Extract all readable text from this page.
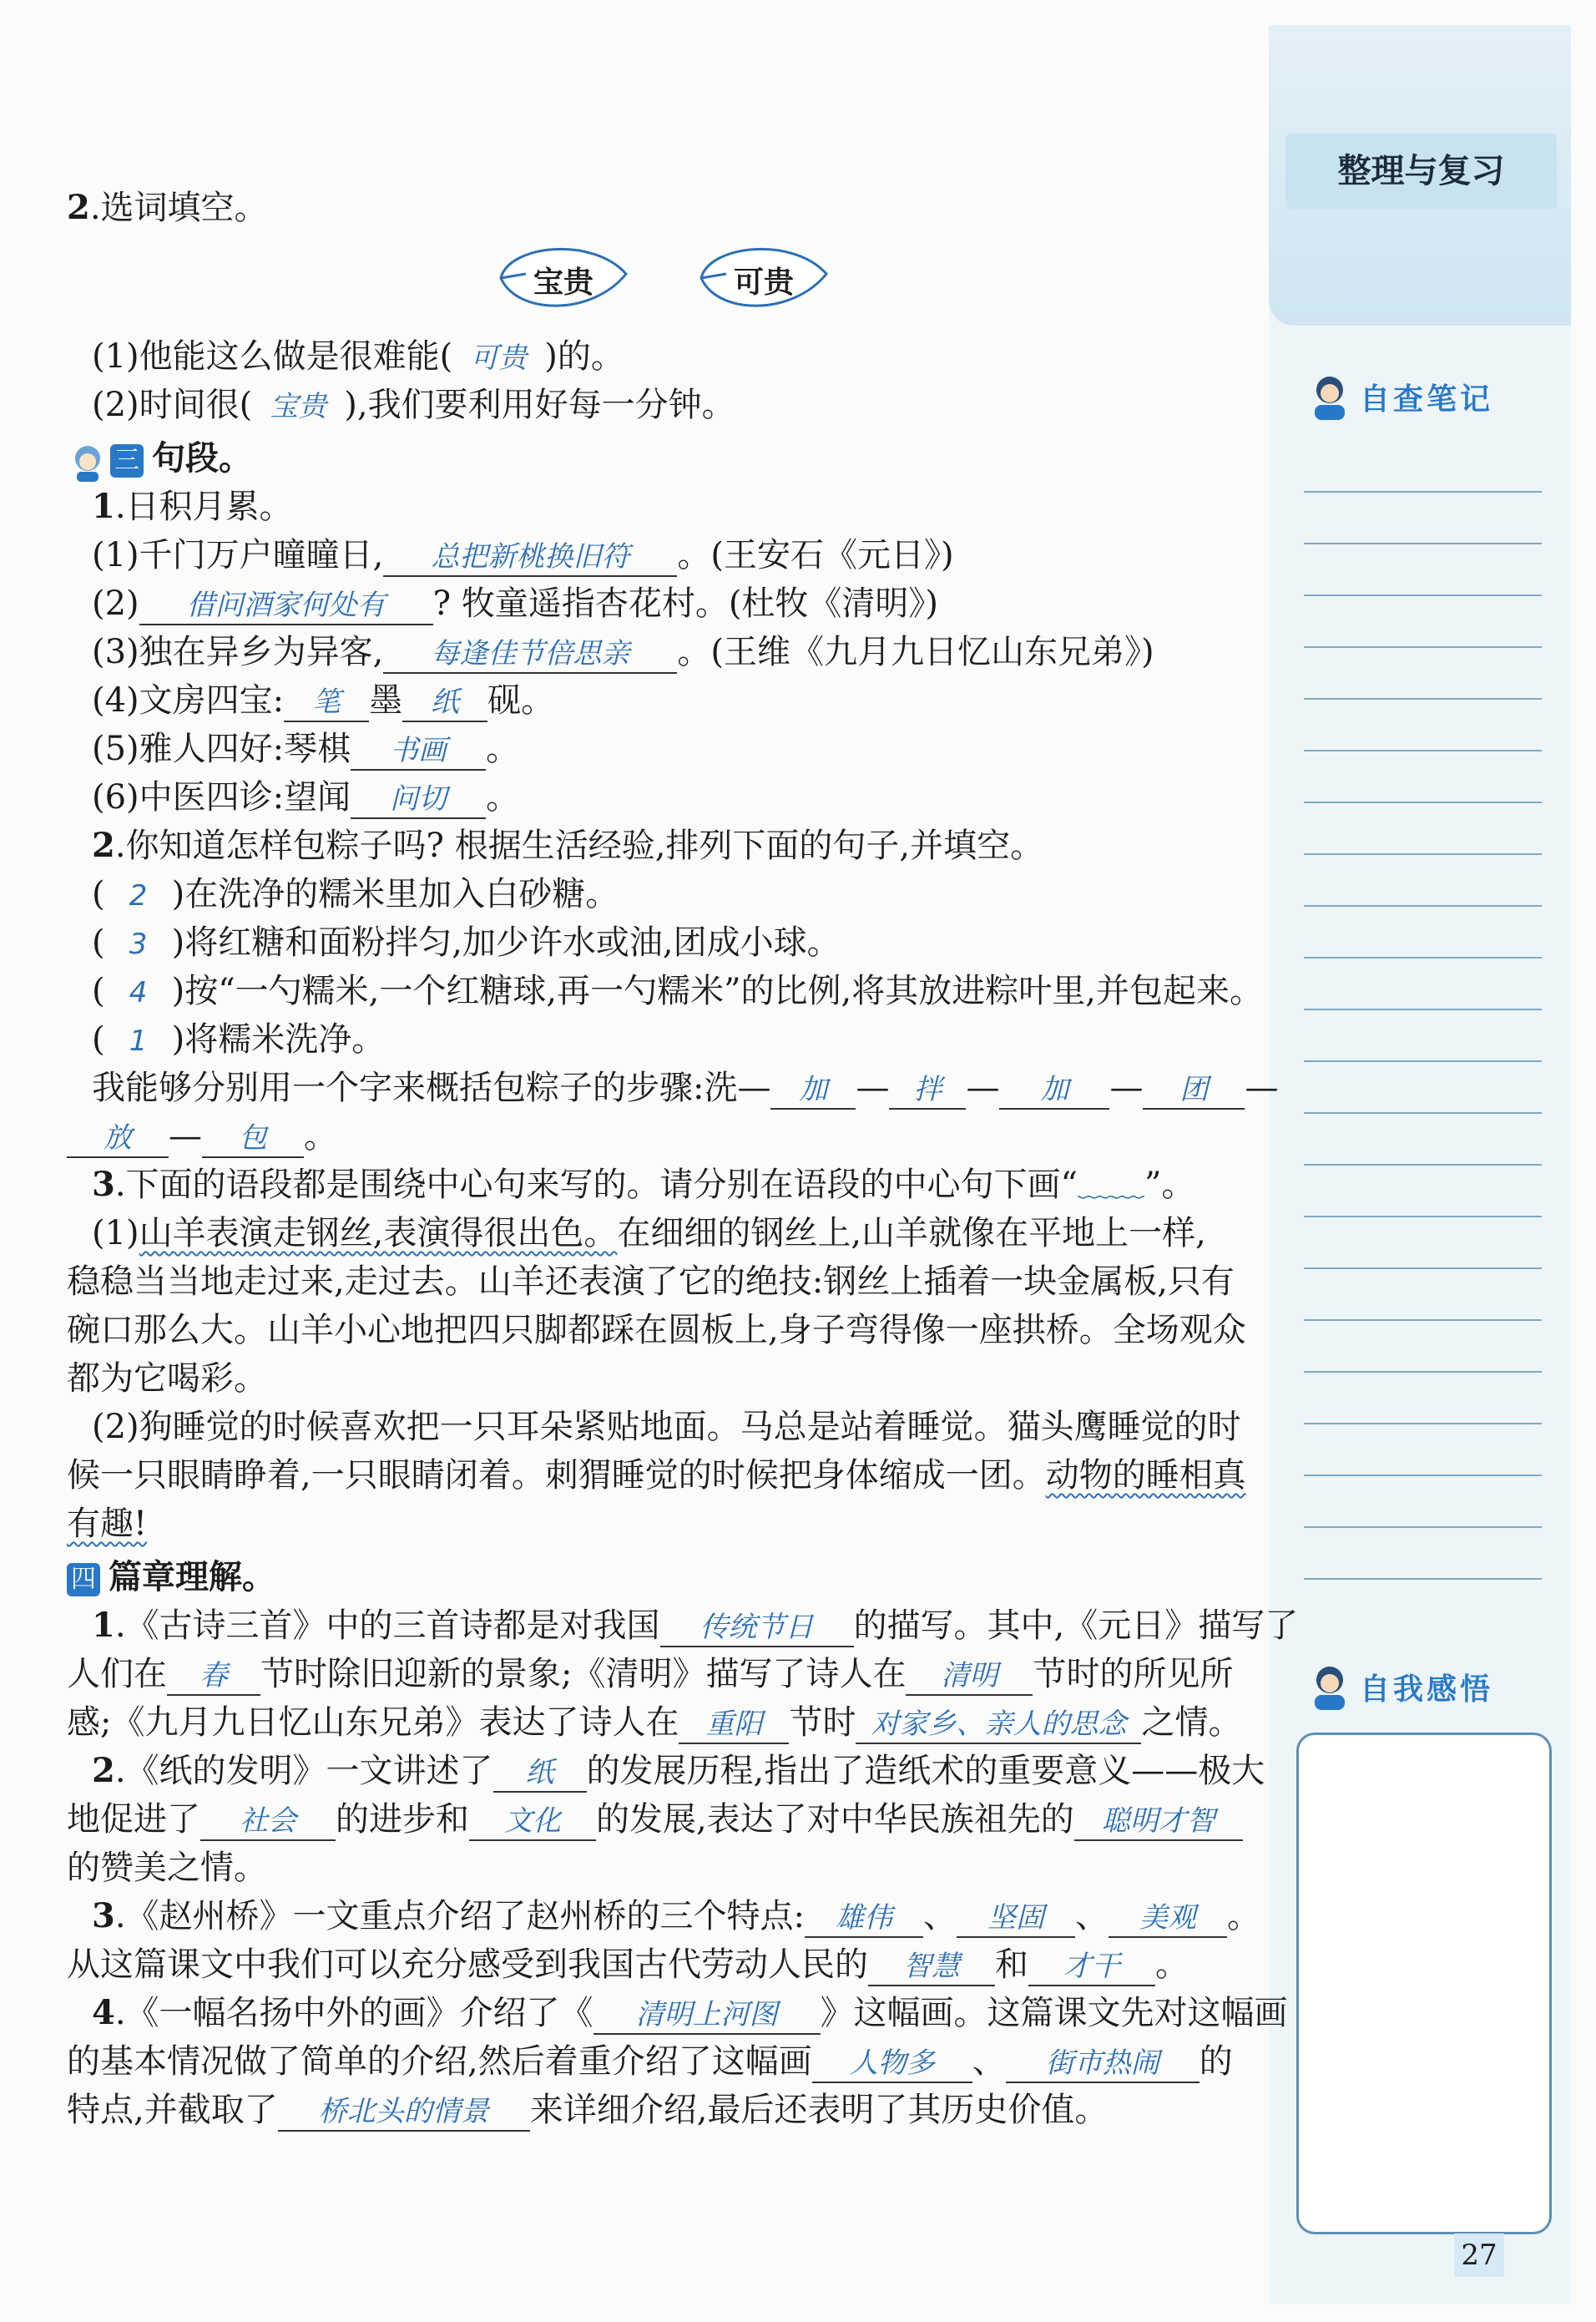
整理与复习
自查笔记
自我感悟
27
2.选词填空。
宝贵	可贵
(1)他能这么做是很难能( 可贵 )的。
(2)时间很( 宝贵 ),我们要利用好每一分钟。
三 句段。
1.日积月累。
(1)千门万户曈曈日, 总把新桃换旧符 。(王安石《元日》)
(2) 借问酒家何处有 ? 牧童遥指杏花村。(杜牧《清明》)
(3)独在异乡为异客, 每逢佳节倍思亲 。(王维《九月九日忆山东兄弟》)
(4)文房四宝: 笔 墨 纸 砚。
(5)雅人四好:琴棋 书画 。
(6)中医四诊:望闻 问切 。
2.你知道怎样包粽子吗? 根据生活经验,排列下面的句子,并填空。
( 2 )在洗净的糯米里加入白砂糖。
( 3 )将红糖和面粉拌匀,加少许水或油,团成小球。
( 4 )按“一勺糯米,一个红糖球,再一勺糯米”的比例,将其放进粽叶里,并包起来。
( 1 )将糯米洗净。
我能够分别用一个字来概括包粽子的步骤:洗— 加 — 拌 — 加 — 团 —
放 — 包 。
3.下面的语段都是围绕中心句来写的。请分别在语段的中心句下画“﹏﹏”。
(1)山羊表演走钢丝,表演得很出色。在细细的钢丝上,山羊就像在平地上一样,
稳稳当当地走过来,走过去。山羊还表演了它的绝技:钢丝上插着一块金属板,只有
碗口那么大。山羊小心地把四只脚都踩在圆板上,身子弯得像一座拱桥。全场观众
都为它喝彩。
(2)狗睡觉的时候喜欢把一只耳朵紧贴地面。马总是站着睡觉。猫头鹰睡觉的时
候一只眼睛睁着,一只眼睛闭着。刺猬睡觉的时候把身体缩成一团。动物的睡相真
有趣!
四 篇章理解。
1.《古诗三首》中的三首诗都是对我国 传统节日 的描写。其中,《元日》描写了
人们在 春 节时除旧迎新的景象;《清明》描写了诗人在 清明 节时的所见所
感;《九月九日忆山东兄弟》表达了诗人在 重阳 节时 对家乡、亲人的思念 之情。
2.《纸的发明》一文讲述了 纸 的发展历程,指出了造纸术的重要意义——极大
地促进了 社会 的进步和 文化 的发展,表达了对中华民族祖先的 聪明才智
的赞美之情。
3.《赵州桥》一文重点介绍了赵州桥的三个特点: 雄伟 、 坚固 、 美观 。
从这篇课文中我们可以充分感受到我国古代劳动人民的 智慧 和 才干 。
4.《一幅名扬中外的画》介绍了《 清明上河图 》这幅画。这篇课文先对这幅画
的基本情况做了简单的介绍,然后着重介绍了这幅画 人物多 、 街市热闹 的
特点,并截取了 桥北头的情景 来详细介绍,最后还表明了其历史价值。
